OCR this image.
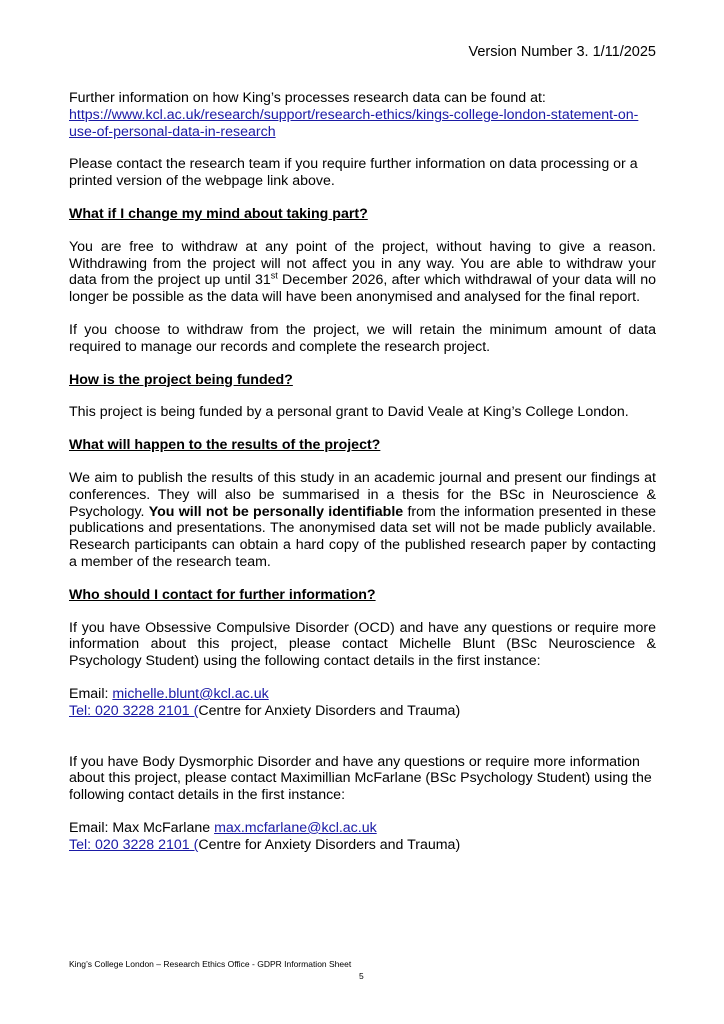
Version Number 3. 1/11/2025

Further information on how King’s processes research data can be found at:
https://www.kcl.ac.uk/research/support/research-ethics/kings-college-london-statement-on-use-of-personal-data-in-research

Please contact the research team if you require further information on data processing or a printed version of the webpage link above.

What if I change my mind about taking part?

You are free to withdraw at any point of the project, without having to give a reason. Withdrawing from the project will not affect you in any way. You are able to withdraw your data from the project up until 31st December 2026, after which withdrawal of your data will no longer be possible as the data will have been anonymised and analysed for the final report.

If you choose to withdraw from the project, we will retain the minimum amount of data required to manage our records and complete the research project.

How is the project being funded?

This project is being funded by a personal grant to David Veale at King’s College London.

What will happen to the results of the project?

We aim to publish the results of this study in an academic journal and present our findings at conferences. They will also be summarised in a thesis for the BSc in Neuroscience & Psychology. You will not be personally identifiable from the information presented in these publications and presentations. The anonymised data set will not be made publicly available. Research participants can obtain a hard copy of the published research paper by contacting a member of the research team.

Who should I contact for further information?

If you have Obsessive Compulsive Disorder (OCD) and have any questions or require more information about this project, please contact Michelle Blunt (BSc Neuroscience & Psychology Student) using the following contact details in the first instance:

Email: michelle.blunt@kcl.ac.uk
Tel: 020 3228 2101 (Centre for Anxiety Disorders and Trauma)

If you have Body Dysmorphic Disorder and have any questions or require more information about this project, please contact Maximillian McFarlane (BSc Psychology Student) using the following contact details in the first instance:

Email: Max McFarlane max.mcfarlane@kcl.ac.uk
Tel: 020 3228 2101 (Centre for Anxiety Disorders and Trauma)

King’s College London – Research Ethics Office - GDPR Information Sheet
5
